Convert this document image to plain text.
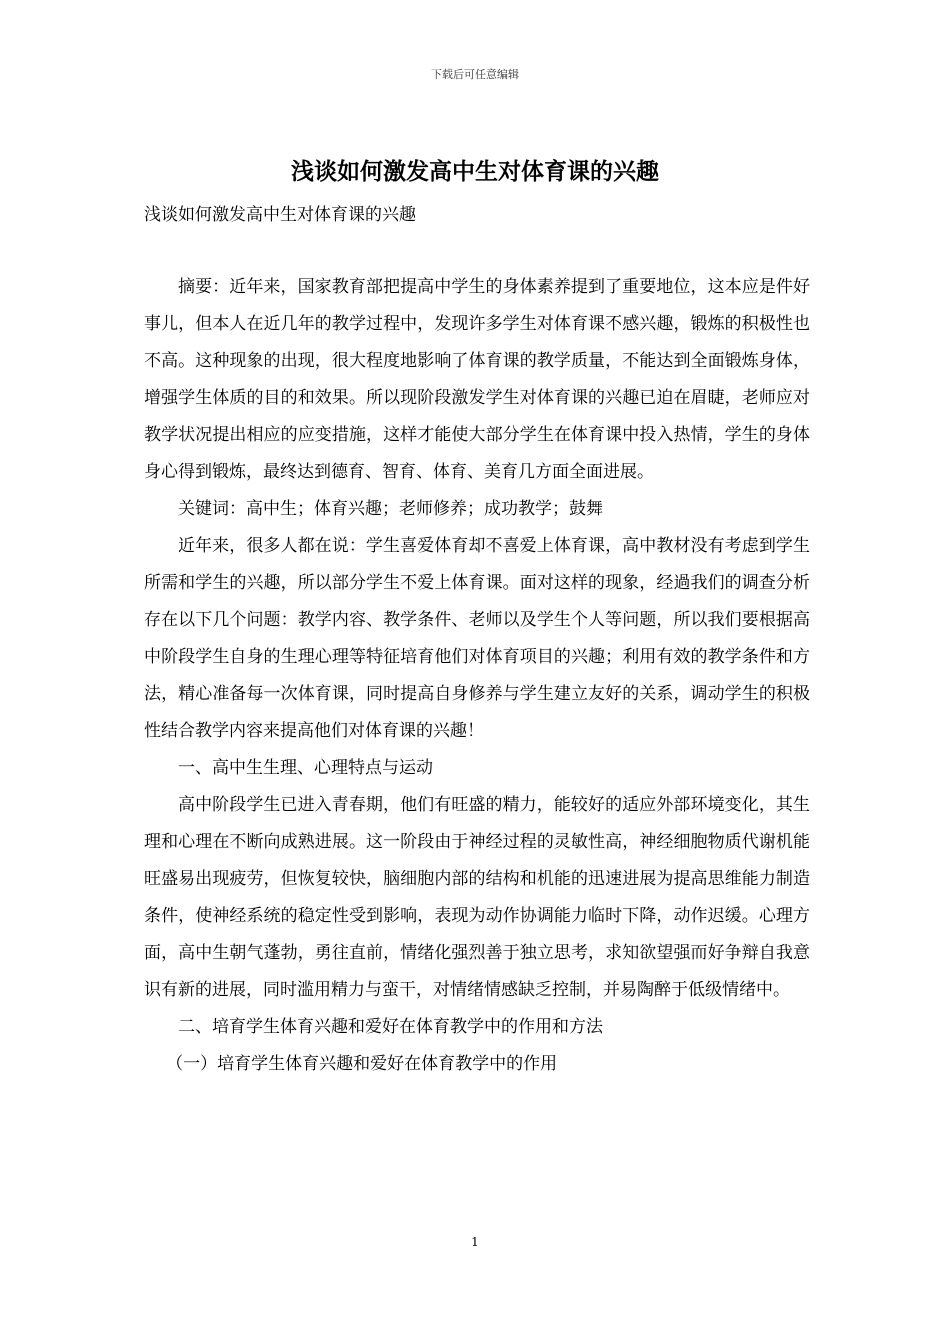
下载后可任意编辑
浅谈如何激发高中生对体育课的兴趣
浅谈如何激发高中生对体育课的兴趣

摘要：近年来，国家教育部把提高中学生的身体素养提到了重要地位，这本应是件好事儿，但本人在近几年的教学过程中，发现许多学生对体育课不感兴趣，锻炼的积极性也不高。这种现象的出现，很大程度地影响了体育课的教学质量，不能达到全面锻炼身体，增强学生体质的目的和效果。所以现阶段激发学生对体育课的兴趣已迫在眉睫，老师应对教学状况提出相应的应变措施，这样才能使大部分学生在体育课中投入热情，学生的身体身心得到锻炼，最终达到德育、智育、体育、美育几方面全面进展。

关键词：高中生；体育兴趣；老师修养；成功教学；鼓舞

近年来，很多人都在说：学生喜爱体育却不喜爱上体育课，高中教材没有考虑到学生所需和学生的兴趣，所以部分学生不爱上体育课。面对这样的现象，经過我们的调查分析存在以下几个问题：教学内容、教学条件、老师以及学生个人等问题，所以我们要根据高中阶段学生自身的生理心理等特征培育他们对体育项目的兴趣；利用有效的教学条件和方法，精心准备每一次体育课，同时提高自身修养与学生建立友好的关系，调动学生的积极性结合教学内容来提高他们对体育课的兴趣！

一、高中生生理、心理特点与运动

高中阶段学生已进入青春期，他们有旺盛的精力，能较好的适应外部环境变化，其生理和心理在不断向成熟进展。这一阶段由于神经过程的灵敏性高，神经细胞物质代谢机能旺盛易出现疲劳，但恢复较快，脑细胞内部的结构和机能的迅速进展为提高思维能力制造条件，使神经系统的稳定性受到影响，表现为动作协调能力临时下降，动作迟缓。心理方面，高中生朝气蓬勃，勇往直前，情绪化强烈善于独立思考，求知欲望强而好争辩自我意识有新的进展，同时滥用精力与蛮干，对情绪情感缺乏控制，并易陶醉于低级情绪中。

二、培育学生体育兴趣和爱好在体育教学中的作用和方法

（一）培育学生体育兴趣和爱好在体育教学中的作用

1
